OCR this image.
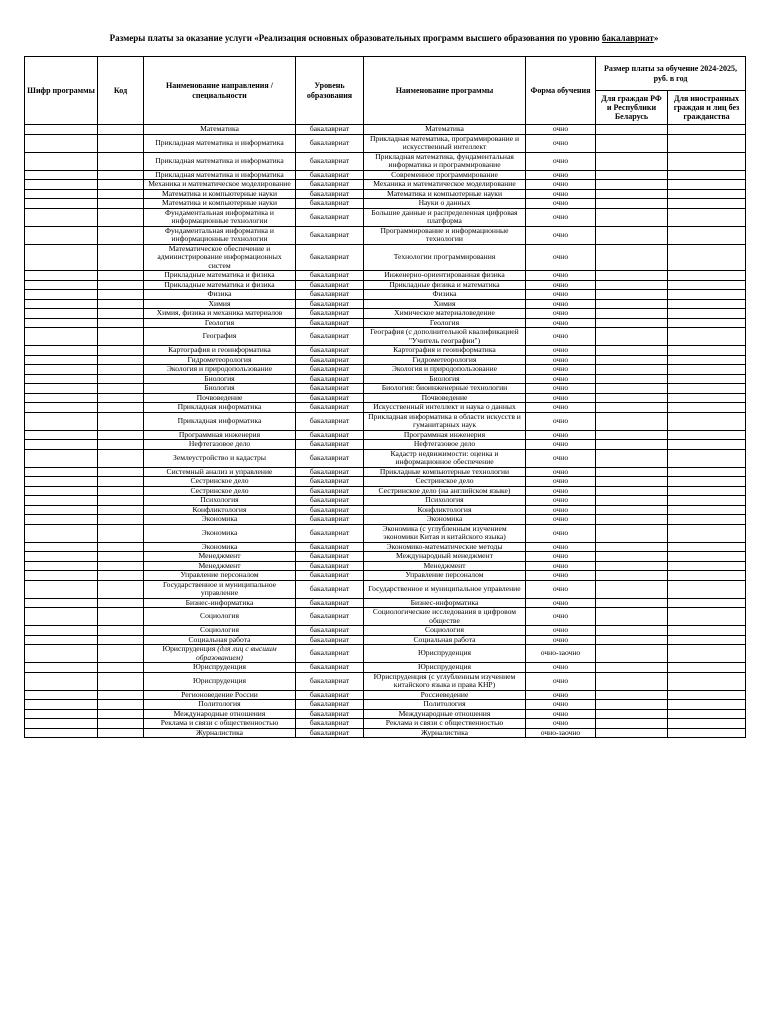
Размеры платы за оказание услуги «Реализация основных образовательных программ высшего образования по уровню бакалавриат»
Шифр программы	Код	Наименование направления / специальности	Уровень образования	Наименование программы	Форма обучения	Размер платы за обучение 2024-2025, руб. в год	
						Для граждан РФ и Республики Беларусь	Для иностранных граждан и лиц без гражданства
		Математика	бакалавриат	Математика	очно		
		Прикладная математика и информатика	бакалавриат	Прикладная математика, программирование и искусственный интеллект	очно		
		Прикладная математика и информатика	бакалавриат	Прикладная математика, фундаментальная информатика и программирование	очно		
		Прикладная математика и информатика	бакалавриат	Современное программирование	очно		
		Механика и математическое моделирование	бакалавриат	Механика и математическое моделирование	очно		
		Математика и компьютерные науки	бакалавриат	Математика и компьютерные науки	очно		
		Математика и компьютерные науки	бакалавриат	Науки о данных	очно		
		Фундаментальная информатика и информационные технологии	бакалавриат	Большие данные и распределенная цифровая платформа	очно		
		Фундаментальная информатика и информационные технологии	бакалавриат	Программирование и информационные технологии	очно		
		Математическое обеспечение и администрирование информационных систем	бакалавриат	Технологии программирования	очно		
		Прикладные математика и физика	бакалавриат	Инженерно-ориентированная физика	очно		
		Прикладные математика и физика	бакалавриат	Прикладные физика и математика	очно		
		Физика	бакалавриат	Физика	очно		
		Химия	бакалавриат	Химия	очно		
		Химия, физика и механика материалов	бакалавриат	Химическое материаловедение	очно		
		Геология	бакалавриат	Геология	очно		
		География	бакалавриат	География (с дополнительной квалификацией "Учитель географии")	очно		
		Картография и геоинформатика	бакалавриат	Картография и геоинформатика	очно		
		Гидрометеорология	бакалавриат	Гидрометеорология	очно		
		Экология и природопользование	бакалавриат	Экология и природопользование	очно		
		Биология	бакалавриат	Биология	очно		
		Биология	бакалавриат	Биология: биоинженерные технологии	очно		
		Почвоведение	бакалавриат	Почвоведение	очно		
		Прикладная информатика	бакалавриат	Искусственный интеллект и наука о данных	очно		
		Прикладная информатика	бакалавриат	Прикладная информатика в области искусств и гуманитарных наук	очно		
		Программная инженерия	бакалавриат	Программная инженерия	очно		
		Нефтегазовое дело	бакалавриат	Нефтегазовое дело	очно		
		Землеустройство и кадастры	бакалавриат	Кадастр недвижимости: оценка и информационное обеспечение	очно		
		Системный анализ и управление	бакалавриат	Прикладные компьютерные технологии	очно		
		Сестринское дело	бакалавриат	Сестринское дело	очно		
		Сестринское дело	бакалавриат	Сестринское дело (на английском языке)	очно		
		Психология	бакалавриат	Психология	очно		
		Конфликтология	бакалавриат	Конфликтология	очно		
		Экономика	бакалавриат	Экономика	очно		
		Экономика	бакалавриат	Экономика (с углубленным изучением экономики Китая и китайского языка)	очно		
		Экономика	бакалавриат	Экономико-математические методы	очно		
		Менеджмент	бакалавриат	Международный менеджмент	очно		
		Менеджмент	бакалавриат	Менеджмент	очно		
		Управление персоналом	бакалавриат	Управление персоналом	очно		
		Государственное и муниципальное управление	бакалавриат	Государственное и муниципальное управление	очно		
		Бизнес-информатика	бакалавриат	Бизнес-информатика	очно		
		Социология	бакалавриат	Социологические исследования в цифровом обществе	очно		
		Социология	бакалавриат	Социология	очно		
		Социальная работа	бакалавриат	Социальная работа	очно		
		Юриспруденция (для лиц с высшим образованием)	бакалавриат	Юриспруденция	очно-заочно		
		Юриспруденция	бакалавриат	Юриспруденция	очно		
		Юриспруденция	бакалавриат	Юриспруденция (с углубленным изучением китайского языка и права КНР)	очно		
		Регионоведение России	бакалавриат	Россиеведение	очно		
		Политология	бакалавриат	Политология	очно		
		Международные отношения	бакалавриат	Международные отношения	очно		
		Реклама и связи с общественностью	бакалавриат	Реклама и связи с общественностью	очно		
		Журналистика	бакалавриат	Журналистика	очно-заочно		
